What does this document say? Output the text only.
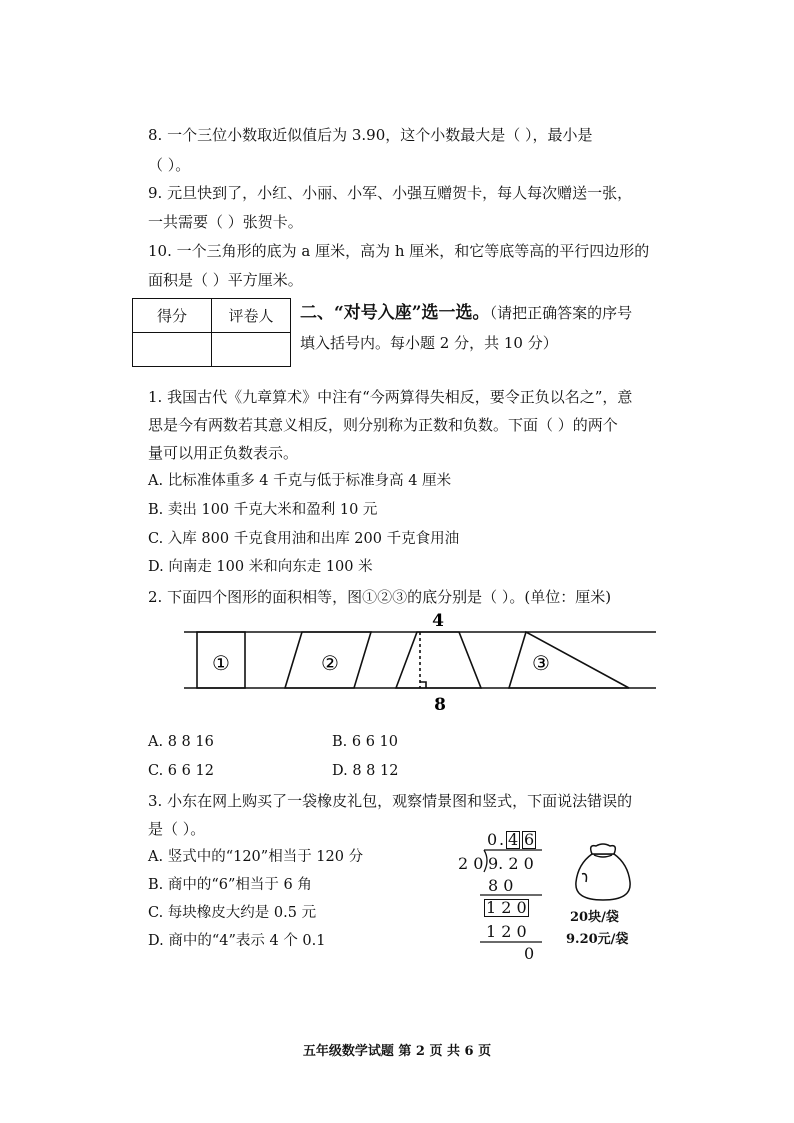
8. 一个三位小数取近似值后为 3.90，这个小数最大是（ ），最小是
（ ）。
9. 元旦快到了，小红、小丽、小军、小强互赠贺卡，每人每次赠送一张，
一共需要（ ）张贺卡。
10. 一个三角形的底为 a 厘米，高为 h 厘米，和它等底等高的平行四边形的
面积是（ ）平方厘米。
得分	评卷人
	二、“对号入座”选一选。（请把正确答案的序号
填入括号内。每小题 2 分，共 10 分）
1. 我国古代《九章算术》中注有“今两算得失相反，要令正负以名之”，意
思是今有两数若其意义相反，则分别称为正数和负数。下面（ ）的两个
量可以用正负数表示。
A. 比标准体重多 4 千克与低于标准身高 4 厘米
B. 卖出 100 千克大米和盈利 10 元
C. 入库 800 千克食用油和出库 200 千克食用油
D. 向南走 100 米和向东走 100 米
2. 下面四个图形的面积相等，图①②③的底分别是（ ）。(单位：厘米)
①	②	③
4
8
A. 8 8 16	B. 6 6 10
C. 6 6 12	D. 8 8 12
3. 小东在网上购买了一袋橡皮礼包，观察情景图和竖式，下面说法错误的
是（ ）。
A. 竖式中的“120”相当于 120 分
B. 商中的“6”相当于 6 角
C. 每块橡皮大约是 0.5 元
D. 商中的“4”表示 4 个 0.1
0 . 4 6
2 0 9. 2 0
8 0
1 2 0
1 2 0
0
20块/袋
9.20元/袋
五年级数学试题 第 2 页 共 6 页
